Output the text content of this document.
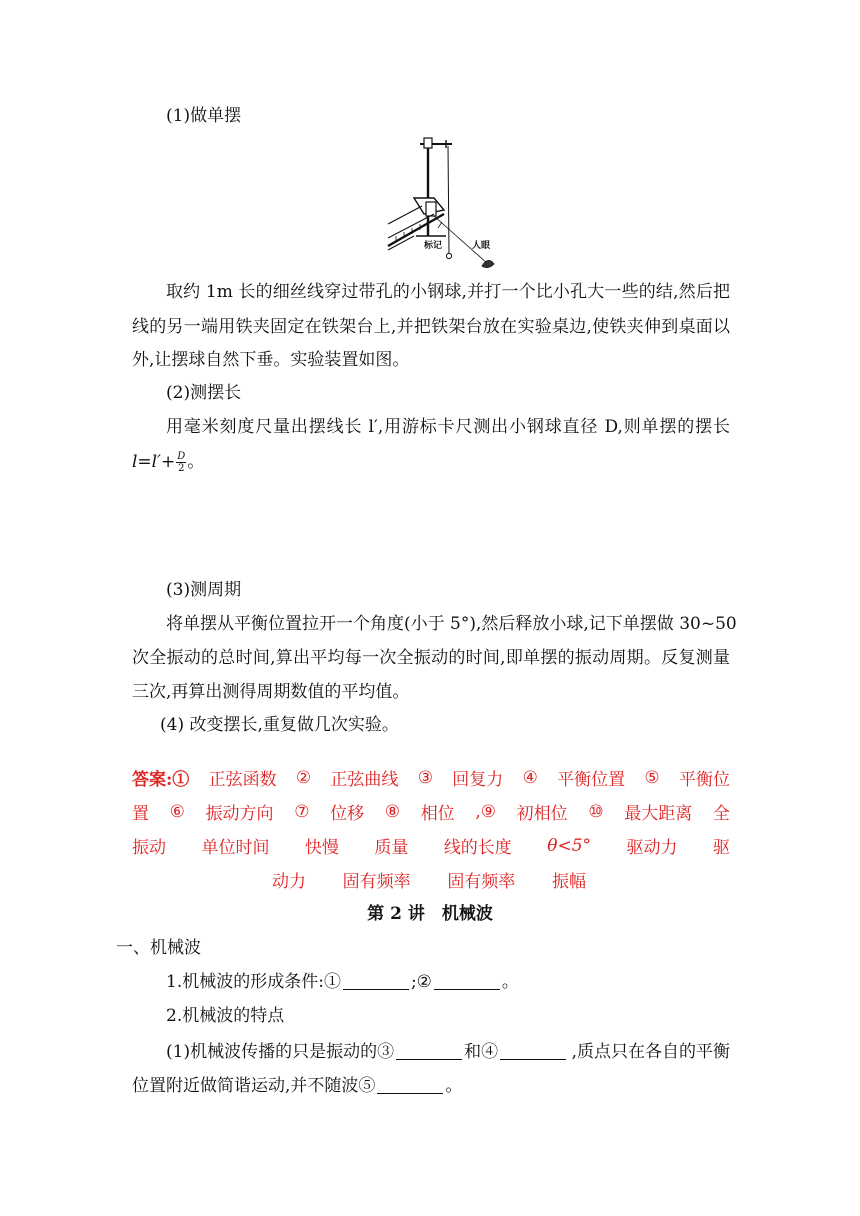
(1)做单摆
标记	人眼
取约 1m 长的细丝线穿过带孔的小钢球,并打一个比小孔大一些的结,然后把
线的另一端用铁夹固定在铁架台上,并把铁架台放在实验桌边,使铁夹伸到桌面以
外,让摆球自然下垂。实验装置如图。
(2)测摆长
用毫米刻度尺量出摆线长 l′,用游标卡尺测出小钢球直径 D,则单摆的摆长
$l=l'+ \frac{D}{2}$ 。
(3)测周期
将单摆从平衡位置拉开一个角度(小于 5°),然后释放小球,记下单摆做 30~50
次全振动的总时间,算出平均每一次全振动的时间,即单摆的振动周期。反复测量
三次,再算出测得周期数值的平均值。
(4) 改变摆长,重复做几次实验。
答案:① 正弦函数 ② 正弦曲线 ③ 回复力 ④ 平衡位置 ⑤ 平衡位
置 ⑥ 振动方向 ⑦ 位移 ⑧ 相位 ,⑨ 初相位 ⑩ 最大距离 全
振动 单位时间 快慢 质量 线的长度 θ<5° 驱动力 驱
动力 固有频率 固有频率 振幅
第 2 讲　机械波
一、机械波
1.机械波的形成条件:①	;②	。
2.机械波的特点
(1)机械波传播的只是振动的③	和④	,质点只在各自的平衡
位置附近做简谐运动,并不随波⑤	。
